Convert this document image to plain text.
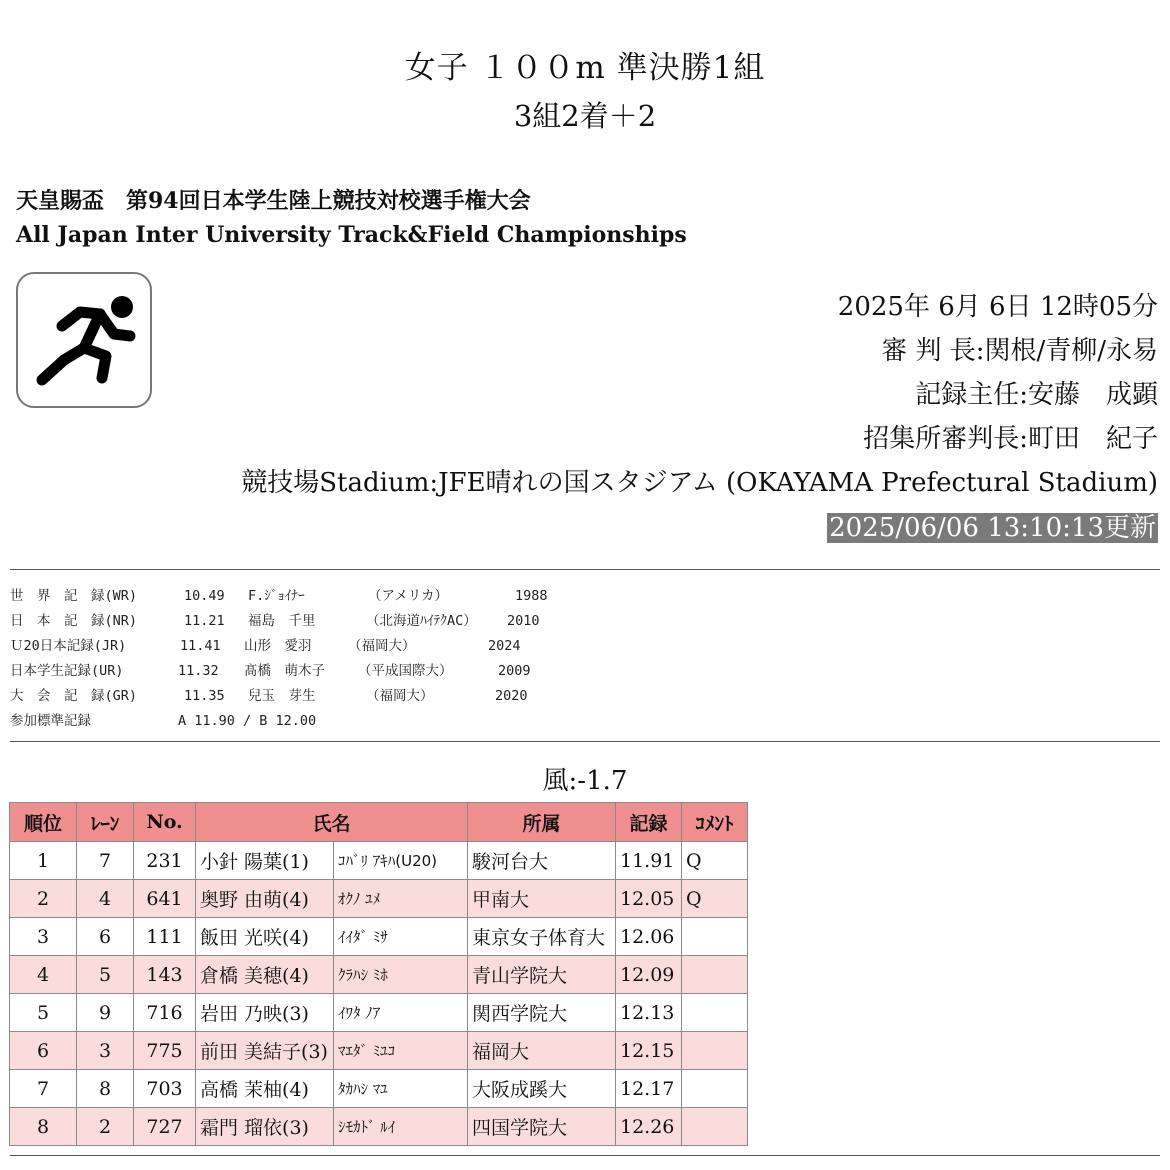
女子 １００m 準決勝1組
3組2着＋2
天皇賜盃　第94回日本学生陸上競技対校選手権大会
All Japan Inter University Track&Field Championships
2025年 6月 6日 12時05分
審 判 長:関根/青柳/永易
記録主任:安藤　成顕
招集所審判長:町田　紀子
競技場Stadium:JFE晴れの国スタジアム (OKAYAMA Prefectural Stadium)
2025/06/06 13:10:13更新
世　界　記　録(WR)	10.49 F.ｼﾞｮｲﾅｰ	（アメリカ）	1988
日　本　記　録(NR)	11.21 福島　千里	（北海道ﾊｲﾃｸAC） 2010
Ｕ20日本記録(JR)	11.41 山形　愛羽	（福岡大）	2024
日本学生記録(UR)	11.32 髙橋　萌木子 （平成国際大）	2009
大　会　記　録(GR)	11.35 兒玉　芽生	（福岡大）	2020
参加標準記録	A 11.90 / B 12.00
風:-1.7
順位	ﾚｰﾝ	No.	氏名		所属	記録	ｺﾒﾝﾄ
1	7	231	小針 陽葉(1)	ｺﾊﾞﾘ ｱｷﾊ(U20)	駿河台大	11.91	Q
2	4	641	奥野 由萌(4)	ｵｸﾉ ﾕﾒ	甲南大	12.05	Q
3	6	111	飯田 光咲(4)	ｲｲﾀﾞ ﾐｻ	東京女子体育大	12.06	
4	5	143	倉橋 美穂(4)	ｸﾗﾊｼ ﾐﾎ	青山学院大	12.09	
5	9	716	岩田 乃映(3)	ｲﾜﾀ ﾉｱ	関西学院大	12.13	
6	3	775	前田 美結子(3)	ﾏｴﾀﾞ ﾐﾕｺ	福岡大	12.15	
7	8	703	高橋 茉柚(4)	ﾀｶﾊｼ ﾏﾕ	大阪成蹊大	12.17	
8	2	727	霜門 瑠依(3)	ｼﾓｶﾄﾞ ﾙｲ	四国学院大	12.26	
